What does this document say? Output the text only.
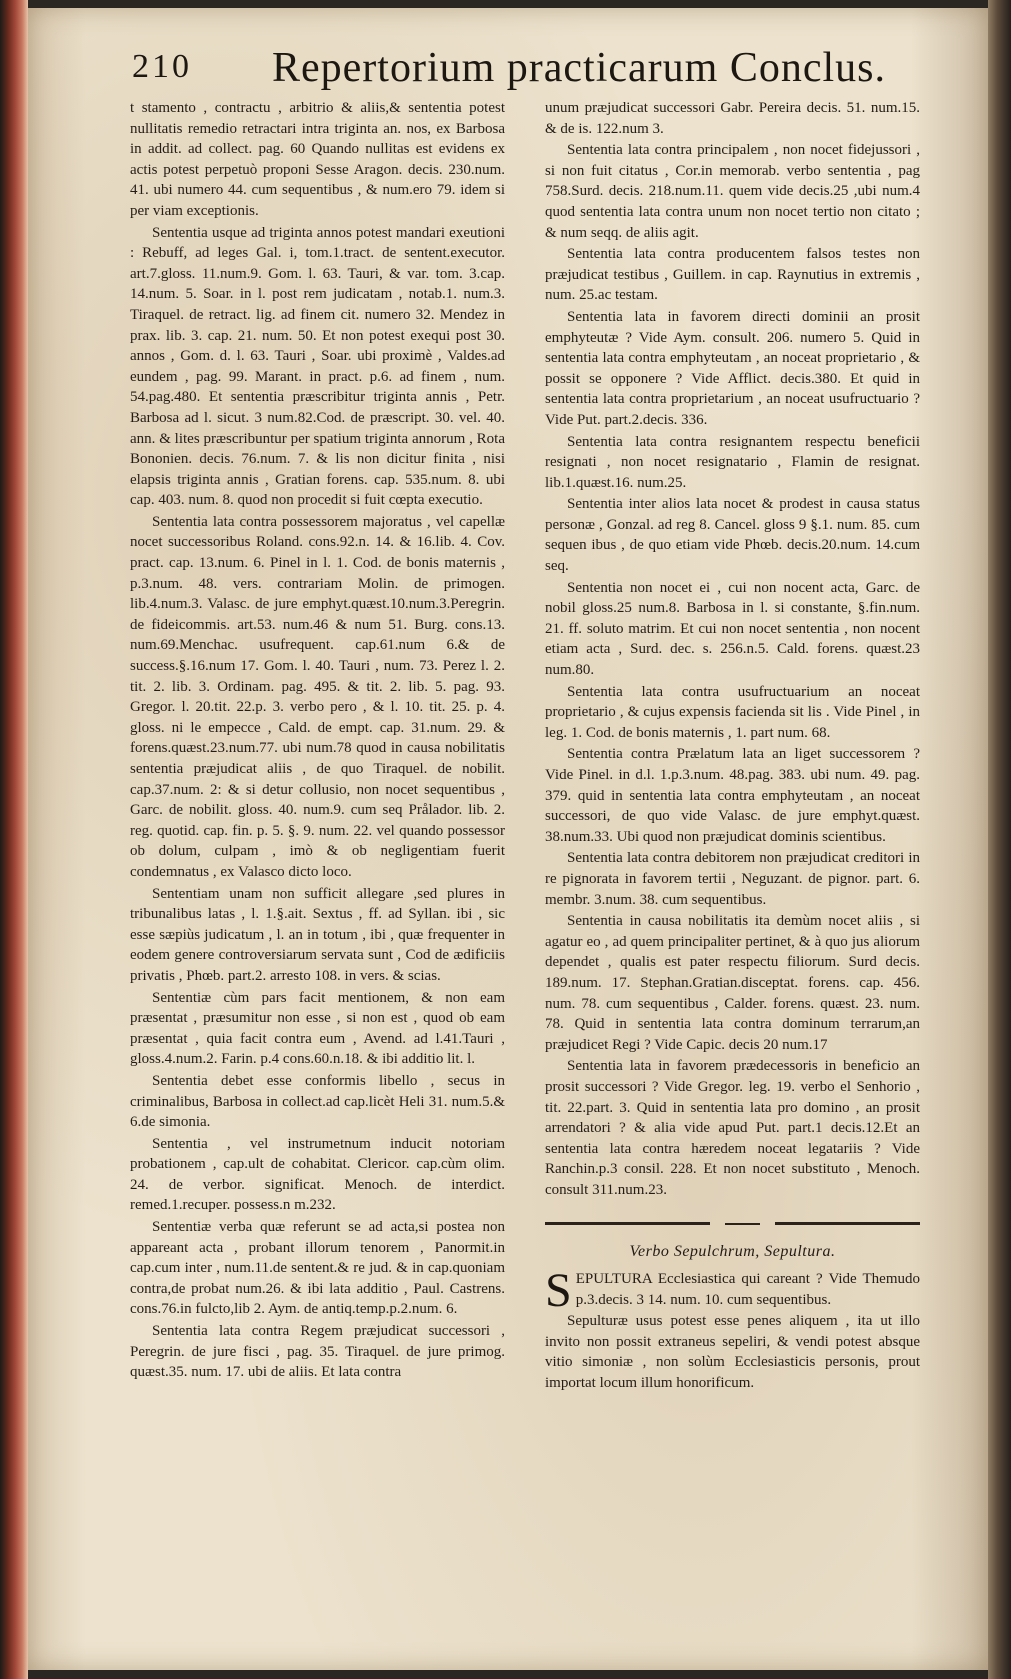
210 Repertorium practicarum Conclus.

t stamento , contractu , arbitrio & aliis,& sententia potest nullitatis remedio retractari intra triginta an. nos, ex Barbosa in addit. ad collect. pag. 60 Quando nullitas est evidens ex actis potest perpetuò proponi Sesse Aragon. decis. 230.num. 41. ubi numero 44. cum sequentibus , & num.ero 79. idem si per viam exceptionis.

Sententia usque ad triginta annos potest mandari exeutioni : Rebuff, ad leges Gal. i, tom.1.tract. de sentent.executor. art.7.gloss. 11.num.9. Gom. l. 63. Tauri, & var. tom. 3.cap. 14.num. 5. Soar. in l. post rem judicatam , notab.1. num.3. Tiraquel. de retract. lig. ad finem cit. numero 32. Mendez in prax. lib. 3. cap. 21. num. 50. Et non potest exequi post 30. annos , Gom. d. l. 63. Tauri , Soar. ubi proximè , Valdes.ad eundem , pag. 99. Marant. in pract. p.6. ad finem , num. 54.pag.480. Et sententia præscribitur triginta annis , Petr. Barbosa ad l. sicut. 3 num.82.Cod. de præscript. 30. vel. 40. ann. & lites præscribuntur per spatium triginta annorum , Rota Bononien. decis. 76.num. 7. & lis non dicitur finita , nisi elapsis triginta annis , Gratian forens. cap. 535.num. 8. ubi cap. 403. num. 8. quod non procedit si fuit cœpta executio.

Sententia lata contra possessorem majoratus , vel capellæ nocet successoribus Roland. cons.92.n. 14. & 16.lib. 4. Cov. pract. cap. 13.num. 6. Pinel in l. 1. Cod. de bonis maternis , p.3.num. 48. vers. contrariam Molin. de primogen. lib.4.num.3. Valasc. de jure emphyt.quæst.10.num.3.Peregrin. de fideicommis. art.53. num.46 & num 51. Burg. cons.13. num.69.Menchac. usufrequent. cap.61.num 6.& de success.§.16.num 17. Gom. l. 40. Tauri , num. 73. Perez l. 2. tit. 2. lib. 3. Ordinam. pag. 495. & tit. 2. lib. 5. pag. 93. Gregor. l. 20.tit. 22.p. 3. verbo pero , & l. 10. tit. 25. p. 4. gloss. ni le empecce , Cald. de empt. cap. 31.num. 29. & forens.quæst.23.num.77. ubi num.78 quod in causa nobilitatis sententia præjudicat aliis , de quo Tiraquel. de nobilit. cap.37.num. 2: & si detur collusio, non nocet sequentibus , Garc. de nobilit. gloss. 40. num.9. cum seq Prålador. lib. 2. reg. quotid. cap. fin. p. 5. §. 9. num. 22. vel quando possessor ob dolum, culpam , imò & ob negligentiam fuerit condemnatus , ex Valasco dicto loco.

Sententiam unam non sufficit allegare ,sed plures in tribunalibus latas , l. 1.§.ait. Sextus , ff. ad Syllan. ibi , sic esse sæpiùs judicatum , l. an in totum , ibi , quæ frequenter in eodem genere controversiarum servata sunt , Cod de ædificiis privatis , Phœb. part.2. arresto 108. in vers. & scias.

Sententiæ cùm pars facit mentionem, & non eam præsentat , præsumitur non esse , si non est , quod ob eam præsentat , quia facit contra eum , Avend. ad l.41.Tauri , gloss.4.num.2. Farin. p.4 cons.60.n.18. & ibi additio lit. l.

Sententia debet esse conformis libello , secus in criminalibus, Barbosa in collect.ad cap.licèt Heli 31. num.5.& 6.de simonia.

Sententia , vel instrumetnum inducit notoriam probationem , cap.ult de cohabitat. Clericor. cap.cùm olim. 24. de verbor. significat. Menoch. de interdict. remed.1.recuper. possess.n m.232.

Sententiæ verba quæ referunt se ad acta,si postea non appareant acta , probant illorum tenorem , Panormit.in cap.cum inter , num.11.de sentent.& re jud. & in cap.quoniam contra,de probat num.26. & ibi lata additio , Paul. Castrens. cons.76.in fulcto,lib 2. Aym. de antiq.temp.p.2.num. 6.

Sententia lata contra Regem præjudicat successori , Peregrin. de jure fisci , pag. 35. Tiraquel. de jure primog. quæst.35. num. 17. ubi de aliis. Et lata contra

unum præjudicat successori Gabr. Pereira decis. 51. num.15. & de is. 122.num 3.

Sententia lata contra principalem , non nocet fidejussori , si non fuit citatus , Cor.in memorab. verbo sententia , pag 758.Surd. decis. 218.num.11. quem vide decis.25 ,ubi num.4 quod sententia lata contra unum non nocet tertio non citato ; & num seqq. de aliis agit.

Sententia lata contra producentem falsos testes non præjudicat testibus , Guillem. in cap. Raynutius in extremis , num. 25.ac testam.

Sententia lata in favorem directi dominii an prosit emphyteutæ ? Vide Aym. consult. 206. numero 5. Quid in sententia lata contra emphyteutam , an noceat proprietario , & possit se opponere ? Vide Afflict. decis.380. Et quid in sententia lata contra proprietarium , an noceat usufructuario ? Vide Put. part.2.decis. 336.

Sententia lata contra resignantem respectu beneficii resignati , non nocet resignatario , Flamin de resignat. lib.1.quæst.16. num.25.

Sententia inter alios lata nocet & prodest in causa status personæ , Gonzal. ad reg 8. Cancel. gloss 9 §.1. num. 85. cum sequen ibus , de quo etiam vide Phœb. decis.20.num. 14.cum seq.

Sententia non nocet ei , cui non nocent acta, Garc. de nobil gloss.25 num.8. Barbosa in l. si constante, §.fin.num. 21. ff. soluto matrim. Et cui non nocet sententia , non nocent etiam acta , Surd. dec. s. 256.n.5. Cald. forens. quæst.23 num.80.

Sententia lata contra usufructuarium an noceat proprietario , & cujus expensis facienda sit lis . Vide Pinel , in leg. 1. Cod. de bonis maternis , 1. part num. 68.

Sententia contra Prælatum lata an liget successorem ? Vide Pinel. in d.l. 1.p.3.num. 48.pag. 383. ubi num. 49. pag. 379. quid in sententia lata contra emphyteutam , an noceat successori, de quo vide Valasc. de jure emphyt.quæst. 38.num.33. Ubi quod non præjudicat dominis scientibus.

Sententia lata contra debitorem non præjudicat creditori in re pignorata in favorem tertii , Neguzant. de pignor. part. 6. membr. 3.num. 38. cum sequentibus.

Sententia in causa nobilitatis ita demùm nocet aliis , si agatur eo , ad quem principaliter pertinet, & à quo jus aliorum dependet , qualis est pater respectu filiorum. Surd decis. 189.num. 17. Stephan.Gratian.disceptat. forens. cap. 456. num. 78. cum sequentibus , Calder. forens. quæst. 23. num. 78. Quid in sententia lata contra dominum terrarum,an præjudicet Regi ? Vide Capic. decis 20 num.17

Sententia lata in favorem prædecessoris in beneficio an prosit successori ? Vide Gregor. leg. 19. verbo el Senhorio , tit. 22.part. 3. Quid in sententia lata pro domino , an prosit arrendatori ? & alia vide apud Put. part.1 decis.12.Et an sententia lata contra hæredem noceat legatariis ? Vide Ranchin.p.3 consil. 228. Et non nocet substituto , Menoch. consult 311.num.23.

Verbo Sepulchrum, Sepultura.

SEPULTURA Ecclesiastica qui careant ? Vide Themudo p.3.decis. 3 14. num. 10. cum sequentibus.

Sepulturæ usus potest esse penes aliquem , ita ut illo invito non possit extraneus sepeliri, & vendi potest absque vitio simoniæ , non solùm Ecclesiasticis personis, prout importat locum illum honorificum.
